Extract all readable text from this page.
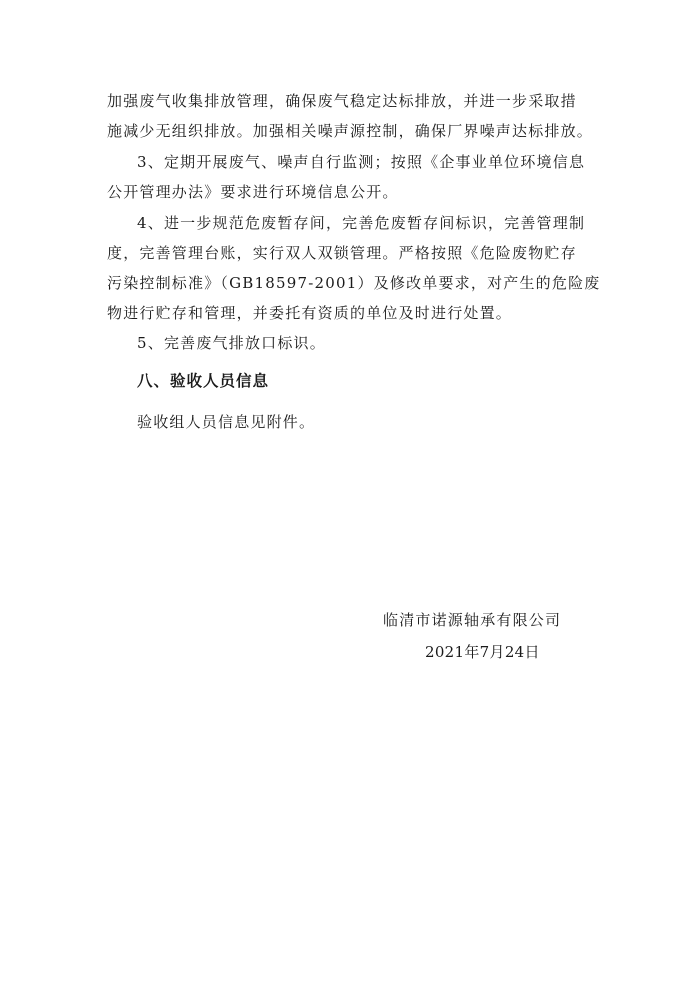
加强废气收集排放管理，确保废气稳定达标排放，并进一步采取措
施减少无组织排放。加强相关噪声源控制，确保厂界噪声达标排放。
3、定期开展废气、噪声自行监测；按照《企事业单位环境信息
公开管理办法》要求进行环境信息公开。
4、进一步规范危废暂存间，完善危废暂存间标识，完善管理制
度，完善管理台账，实行双人双锁管理。严格按照《危险废物贮存
污染控制标准》（GB18597-2001）及修改单要求，对产生的危险废
物进行贮存和管理，并委托有资质的单位及时进行处置。
5、完善废气排放口标识。
八、验收人员信息
验收组人员信息见附件。
临清市诺源轴承有限公司
2021年7月24日
